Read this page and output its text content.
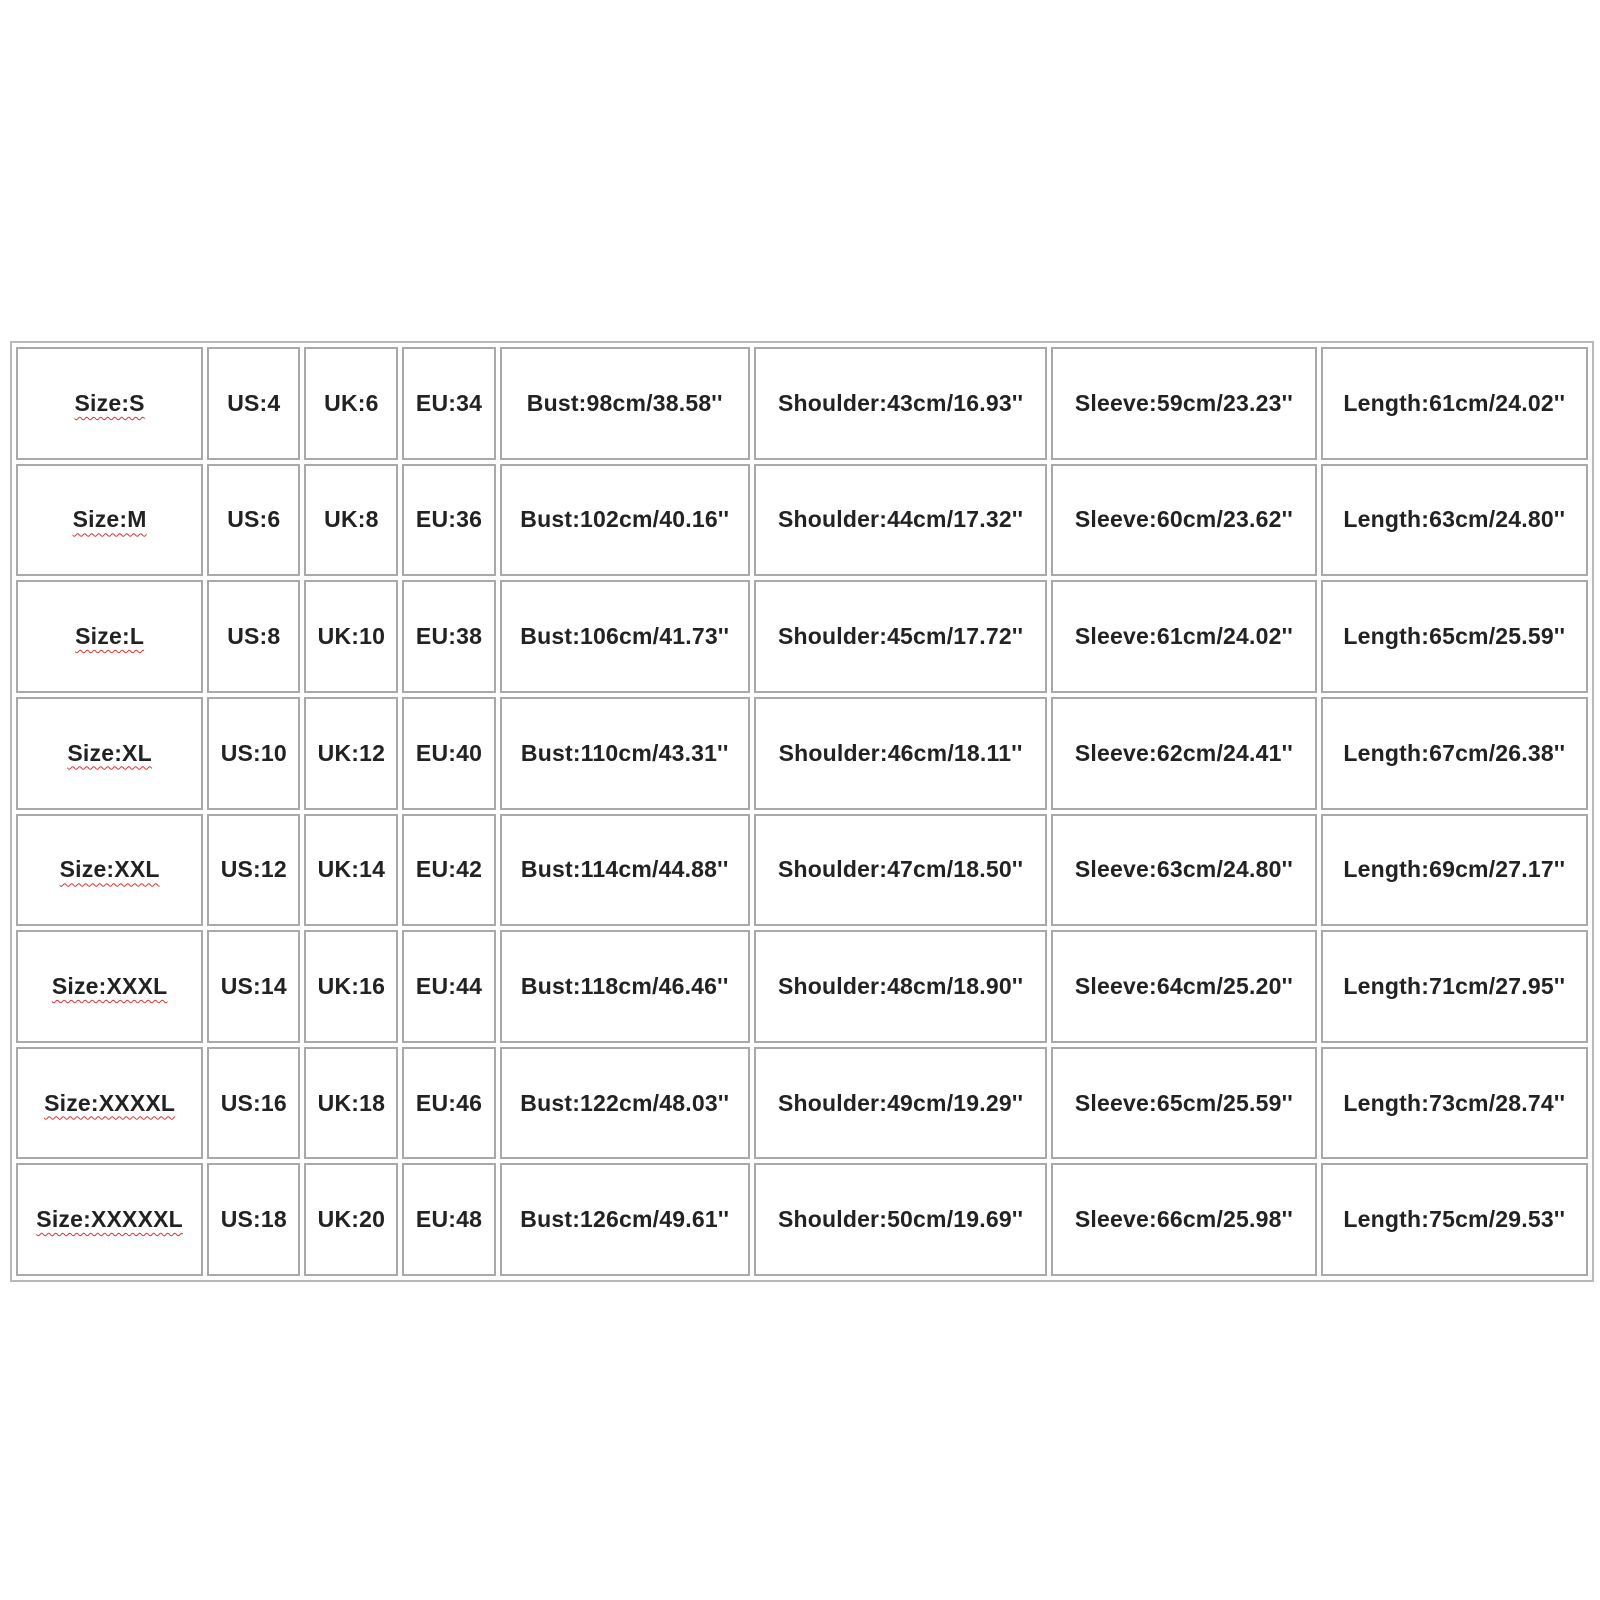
Size:S	US:4	UK:6	EU:34	Bust:98cm/38.58''	Shoulder:43cm/16.93''	Sleeve:59cm/23.23''	Length:61cm/24.02''
Size:M	US:6	UK:8	EU:36	Bust:102cm/40.16''	Shoulder:44cm/17.32''	Sleeve:60cm/23.62''	Length:63cm/24.80''
Size:L	US:8	UK:10	EU:38	Bust:106cm/41.73''	Shoulder:45cm/17.72''	Sleeve:61cm/24.02''	Length:65cm/25.59''
Size:XL	US:10	UK:12	EU:40	Bust:110cm/43.31''	Shoulder:46cm/18.11''	Sleeve:62cm/24.41''	Length:67cm/26.38''
Size:XXL	US:12	UK:14	EU:42	Bust:114cm/44.88''	Shoulder:47cm/18.50''	Sleeve:63cm/24.80''	Length:69cm/27.17''
Size:XXXL	US:14	UK:16	EU:44	Bust:118cm/46.46''	Shoulder:48cm/18.90''	Sleeve:64cm/25.20''	Length:71cm/27.95''
Size:XXXXL	US:16	UK:18	EU:46	Bust:122cm/48.03''	Shoulder:49cm/19.29''	Sleeve:65cm/25.59''	Length:73cm/28.74''
Size:XXXXXL	US:18	UK:20	EU:48	Bust:126cm/49.61''	Shoulder:50cm/19.69''	Sleeve:66cm/25.98''	Length:75cm/29.53''
